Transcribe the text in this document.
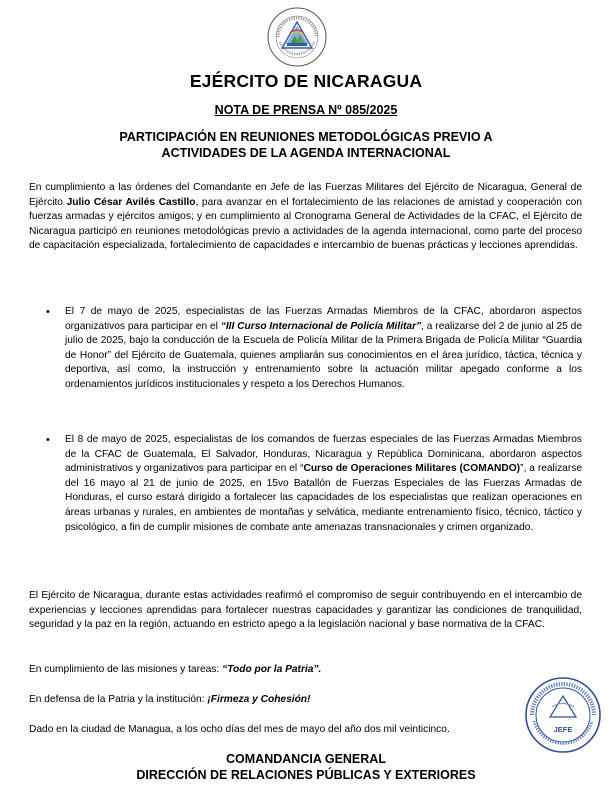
EJÉRCITO DE NICARAGUA
NOTA DE PRENSA Nº 085/2025
PARTICIPACIÓN EN REUNIONES METODOLÓGICAS PREVIO A
ACTIVIDADES DE LA AGENDA INTERNACIONAL

En cumplimiento a las órdenes del Comandante en Jefe de las Fuerzas Militares del Ejército de Nicaragua, General de Ejército Julio César Avilés Castillo, para avanzar en el fortalecimiento de las relaciones de amistad y cooperación con fuerzas armadas y ejércitos amigos; y en cumplimiento al Cronograma General de Actividades de la CFAC, el Ejército de Nicaragua participó en reuniones metodológicas previo a actividades de la agenda internacional, como parte del proceso de capacitación especializada, fortalecimiento de capacidades e intercambio de buenas prácticas y lecciones aprendidas.

• El 7 de mayo de 2025, especialistas de las Fuerzas Armadas Miembros de la CFAC, abordaron aspectos organizativos para participar en el “III Curso Internacional de Policía Militar”, a realizarse del 2 de junio al 25 de julio de 2025, bajo la conducción de la Escuela de Policía Militar de la Primera Brigada de Policía Militar “Guardia de Honor” del Ejército de Guatemala, quienes ampliarán sus conocimientos en el área jurídico, táctica, técnica y deportiva, así como, la instrucción y entrenamiento sobre la actuación militar apegado conforme a los ordenamientos jurídicos institucionales y respeto a los Derechos Humanos.
• El 8 de mayo de 2025, especialistas de los comandos de fuerzas especiales de las Fuerzas Armadas Miembros de la CFAC de Guatemala, El Salvador, Honduras, Nicaragua y República Dominicana, abordaron aspectos administrativos y organizativos para participar en el “Curso de Operaciones Militares (COMANDO)”, a realizarse del 16 mayo al 21 de junio de 2025, en 15vo Batallón de Fuerzas Especiales de las Fuerzas Armadas de Honduras, el curso estará dirigido a fortalecer las capacidades de los especialistas que realizan operaciones en áreas urbanas y rurales, en ambientes de montañas y selvática, mediante entrenamiento físico, técnico, táctico y psicológico, a fin de cumplir misiones de combate ante amenazas transnacionales y crimen organizado.

El Ejército de Nicaragua, durante estas actividades reafirmó el compromiso de seguir contribuyendo en el intercambio de experiencias y lecciones aprendidas para fortalecer nuestras capacidades y garantizar las condiciones de tranquilidad, seguridad y la paz en la región, actuando en estricto apego a la legislación nacional y base normativa de la CFAC.

En cumplimiento de las misiones y tareas: “Todo por la Patria”.

En defensa de la Patria y la institución: ¡Firmeza y Cohesión!

Dado en la ciudad de Managua, a los ocho días del mes de mayo del año dos mil veinticinco.	JEFE
COMANDANCIA GENERAL
DIRECCIÓN DE RELACIONES PÚBLICAS Y EXTERIORES
